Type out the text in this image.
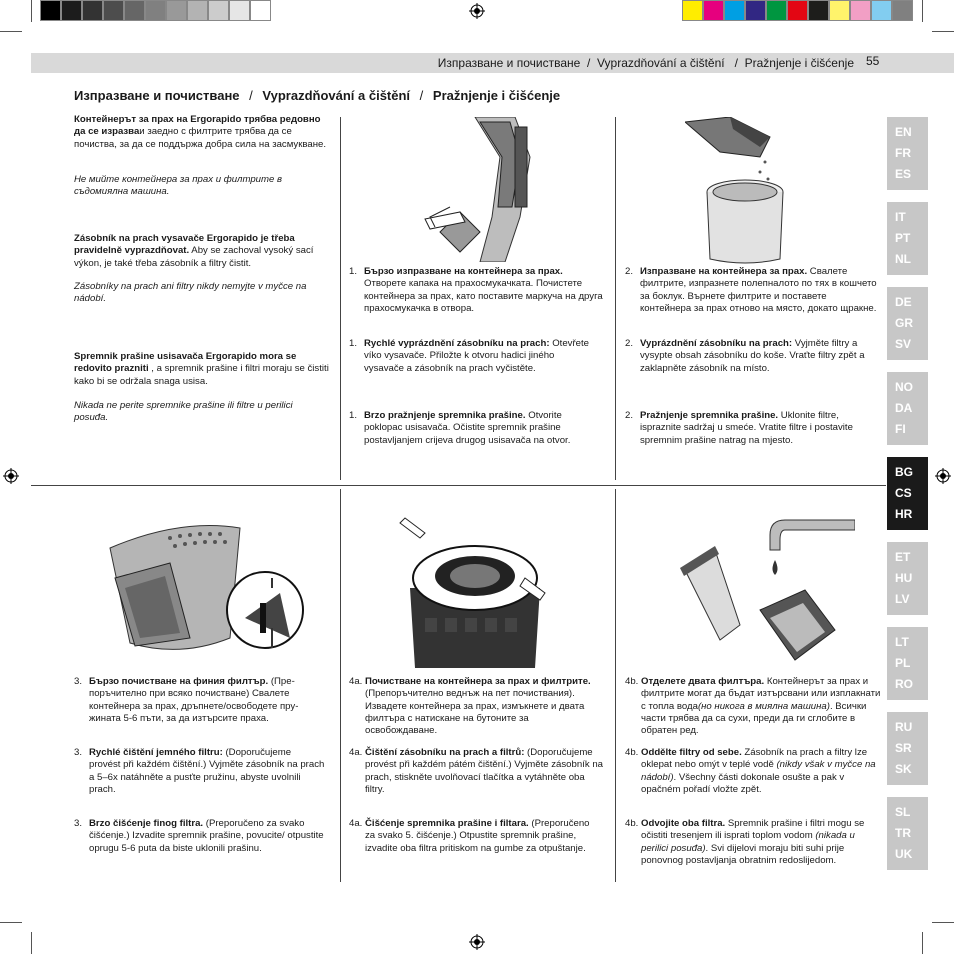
Изпразване и почистване  /  Vyprazdňování a čištění   /  Pražnjenje i čišćenje 55
Изпразване и почистване / Vyprazdňování a čištění / Pražnjenje i čišćenje
Контейнерът за прах на Ergorapido трябва редовно да се изразваи заедно с филтрите трябва да се почиства, за да се поддържа добра сила на засмукване.
Не мийте контейнера за прах и филтрите в съдомиялна машина.
Zásobník na prach vysavače Ergorapido je třeba pravidelně vyprazdňovat. Aby se zachoval vysoký sací výkon, je také třeba zásobník a filtry čistit.
Zásobníky na prach ani filtry nikdy nemyjte v myčce na nádobí.
Spremnik prašine usisavača Ergorapido mora se redovito prazniti , a spremnik prašine i filtri moraju se čistiti kako bi se održala snaga usisa.
Nikada ne perite spremnike prašine ili filtre u perilici posuđa.
1. Бързо изпразване на контейнера за прах. Отворете капака на прахосмукачката. Почистете контейнера за прах, като поставите маркуча на друга прахосмукачка в отвора.
1. Rychlé vyprázdnění zásobníku na prach: Otevřete víko vysavače. Přiložte k otvoru hadici jiného vysavače a zásobník na prach vyčistěte.
1. Brzo pražnjenje spremnika prašine. Otvorite poklopac usisavača. Očistite spremnik prašine postavljanjem crijeva drugog usisavača na otvor.
2. Изпразване на контейнера за прах. Свалете филтрите, изпразнете полепналото по тях в кошчето за боклук. Върнете филтрите и поставете контейнера за прах отново на място, докато щракне.
2. Vyprázdnění zásobníku na prach: Vyjměte filtry a vysypte obsah zásobníku do koše. Vraťte filtry zpět a zaklapněte zásobník na místo.
2. Pražnjenje spremnika prašine. Uklonite filtre, ispraznite sadržaj u smeće. Vratite filtre i postavite spremnim prašine natrag na mjesto.
3. Бързо почистване на финия филтър. (Пре-поръчително при всяко почистване) Свалете контейнера за прах, дръпнете/освободете пру-жината 5-6 пъти, за да изтърсите праха.
3. Rychlé čištění jemného filtru: (Doporučujeme provést při každém čištění.) Vyjměte zásobník na prach a 5–6x natáhněte a pusťte pružinu, abyste uvolnili prach.
3. Brzo čišćenje finog filtra. (Preporučeno za svako čišćenje.) Izvadite spremnik prašine, povucite/ otpustite oprugu 5-6 puta da biste uklonili prašinu.
4a. Почистване на контейнера за прах и филтрите. (Препоръчително веднъж на пет почиствания). Извадете контейнера за прах, измъкнете и двата филтъра с натискане на бутоните за освобождаване.
4a. Čištění zásobníku na prach a filtrů: (Doporučujeme provést při každém pátém čištění.) Vyjměte zásobník na prach, stiskněte uvolňovací tlačítka a vytáhněte oba filtry.
4a. Čišćenje spremnika prašine i filtara. (Preporučeno za svako 5. čišćenje.) Otpustite spremnik prašine, izvadite oba filtra pritiskom na gumbe za otpuštanje.
4b. Отделете двата филтъра. Контейнерът за прах и филтрите могат да бъдат изтърсвани или изплакнати с топла вода(но никога в миялна машина). Всички части трябва да са сухи, преди да ги сглобите в обратен ред.
4b. Oddělte filtry od sebe. Zásobník na prach a filtry lze oklepat nebo omýt v teplé vodě (nikdy však v myčce na nádobí). Všechny části dokonale osušte a pak v opačném pořadí vložte zpět.
4b. Odvojite oba filtra. Spremnik prašine i filtri mogu se očistiti tresenjem ili isprati toplom vodom (nikada u perilici posuđa). Svi dijelovi moraju biti suhi prije ponovnog postavljanja obratnim redoslijedom.
EN
FR
ES
IT
PT
NL
DE
GR
SV
NO
DA
FI
BG
CS
HR
ET
HU
LV
LT
PL
RO
RU
SR
SK
SL
TR
UK
